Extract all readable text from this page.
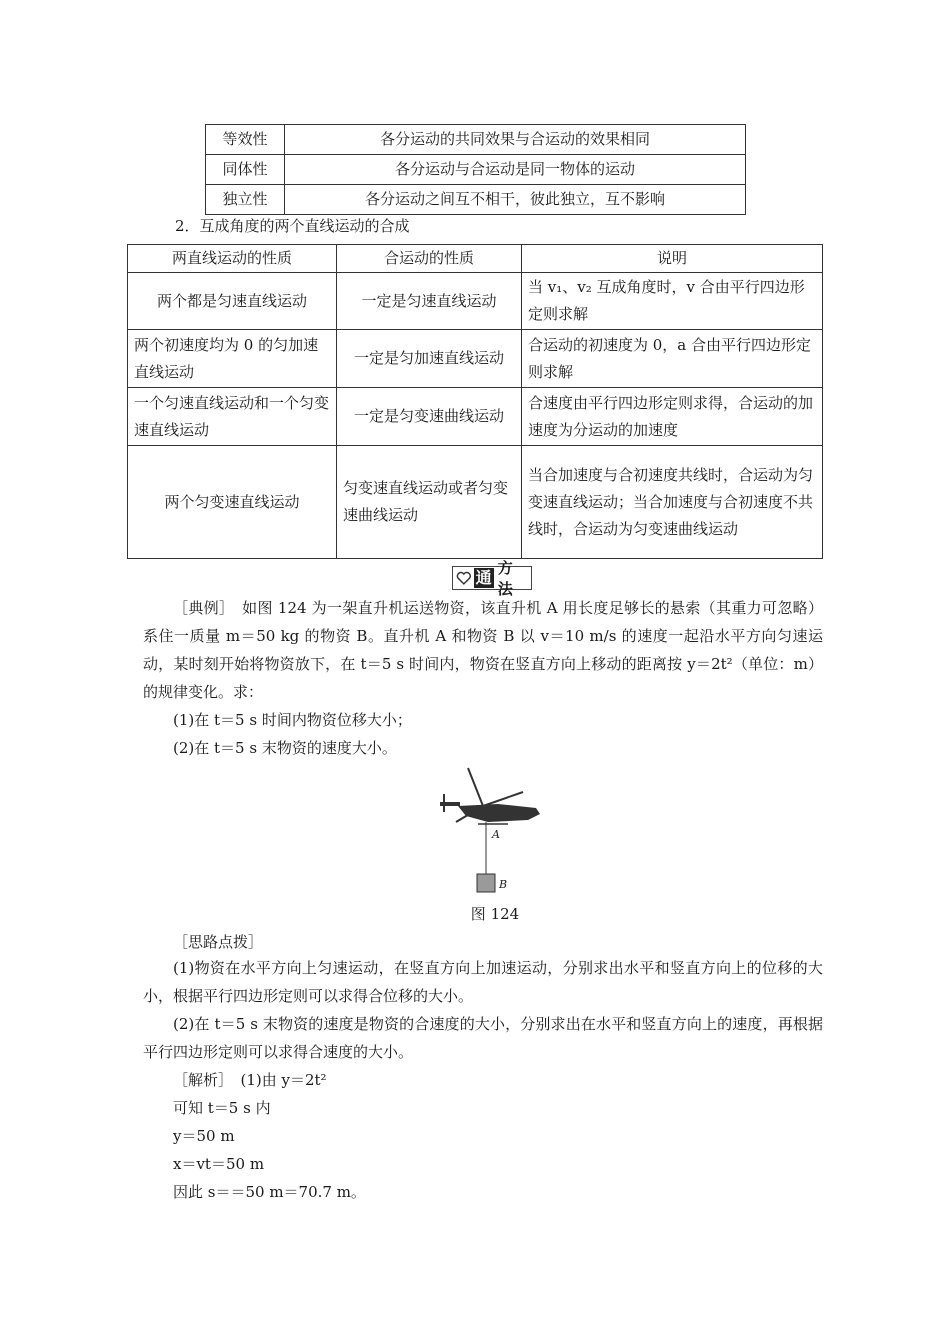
等效性	各分运动的共同效果与合运动的效果相同
同体性	各分运动与合运动是同一物体的运动
独立性	各分运动之间互不相干，彼此独立，互不影响
2．互成角度的两个直线运动的合成
两直线运动的性质	合运动的性质	说明
两个都是匀速直线运动	一定是匀速直线运动	当 v₁、v₂ 互成角度时，v 合由平行四边形定则求解
两个初速度均为 0 的匀加速直线运动	一定是匀加速直线运动	合运动的初速度为 0，a 合由平行四边形定则求解
一个匀速直线运动和一个匀变速直线运动	一定是匀变速曲线运动	合速度由平行四边形定则求得，合运动的加速度为分运动的加速度
两个匀变速直线运动	匀变速直线运动或者匀变速曲线运动	当合加速度与合初速度共线时，合运动为匀变速直线运动；当合加速度与合初速度不共线时，合运动为匀变速曲线运动
通 方法
［典例］　如图 124 为一架直升机运送物资，该直升机 A 用长度足够长的悬索（其重力可忽略）系住一质量 m＝50 kg 的物资 B。直升机 A 和物资 B 以 v＝10 m/s 的速度一起沿水平方向匀速运动，某时刻开始将物资放下，在 t＝5 s 时间内，物资在竖直方向上移动的距离按 y＝2t²（单位：m）的规律变化。求：
(1)在 t＝5 s 时间内物资位移大小；
(2)在 t＝5 s 末物资的速度大小。
A
B
图 124
［思路点拨］
(1)物资在水平方向上匀速运动，在竖直方向上加速运动，分别求出水平和竖直方向上的位移的大小，根据平行四边形定则可以求得合位移的大小。
(2)在 t＝5 s 末物资的速度是物资的合速度的大小，分别求出在水平和竖直方向上的速度，再根据平行四边形定则可以求得合速度的大小。
［解析］　(1)由 y＝2t²
可知 t＝5 s 内
y＝50 m
x＝vt＝50 m
因此 s＝＝50 m＝70.7 m。
